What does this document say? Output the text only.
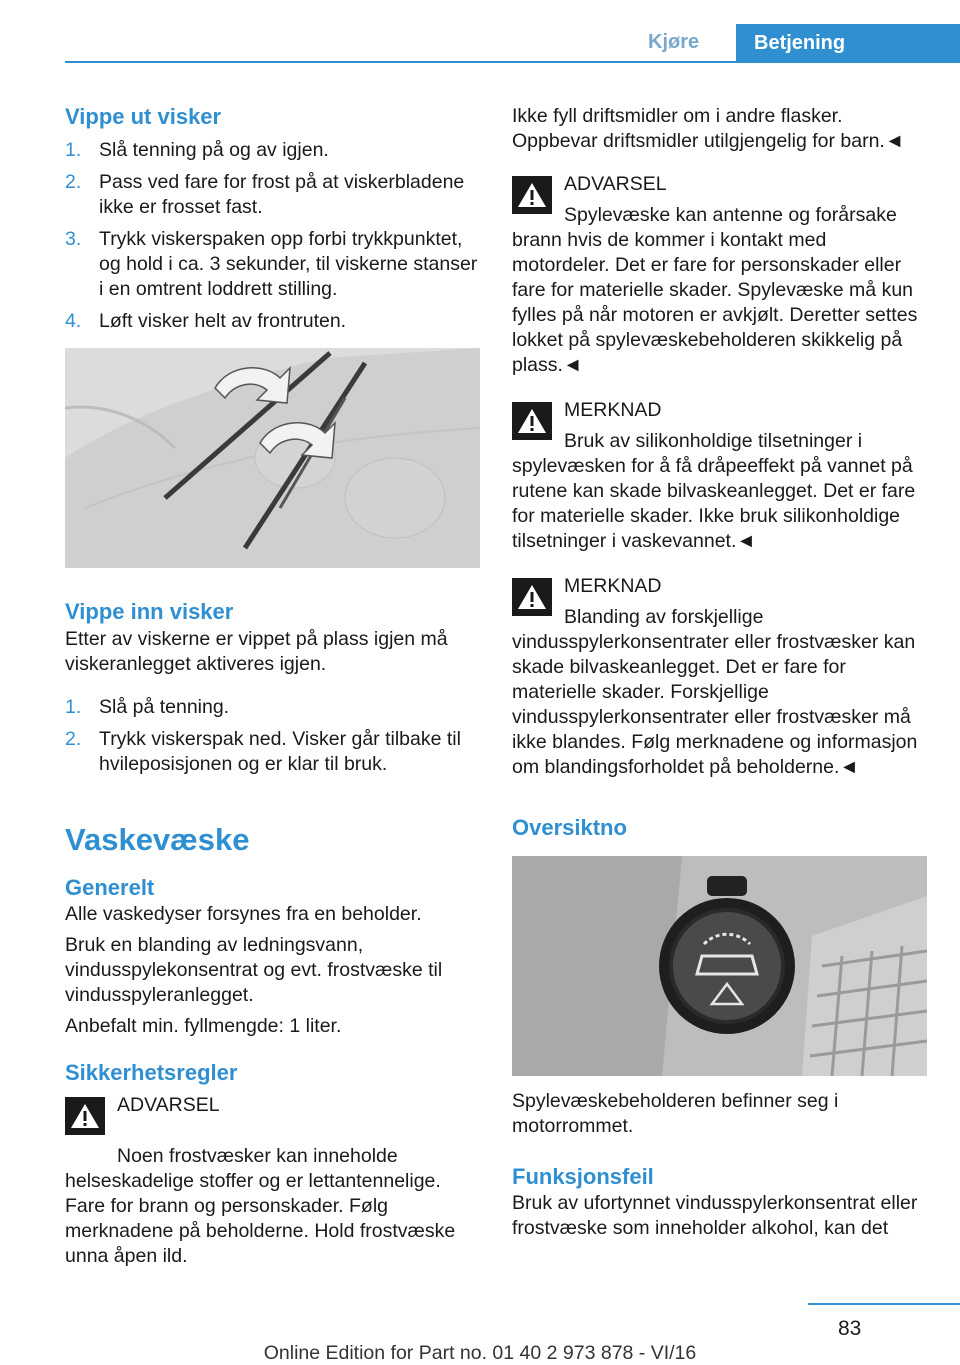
Kjøre	Betjening
Vippe ut visker
1. Slå tenning på og av igjen.
2. Pass ved fare for frost på at viskerbladene ikke er frosset fast.
3. Trykk viskerspaken opp forbi trykkpunktet, og hold i ca. 3 sekunder, til viskerne stanser i en omtrent loddrett stilling.
4. Løft visker helt av frontruten.
Vippe inn visker

Etter av viskerne er vippet på plass igjen må viskeranlegget aktiveres igjen.

1. Slå på tenning.
2. Trykk viskerspak ned. Visker går tilbake til hvileposisjonen og er klar til bruk.
Vaskevæske
Generelt

Alle vaskedyser forsynes fra en beholder.

Bruk en blanding av ledningsvann, vindusspylekonsentrat og evt. frostvæske til vindusspyleranlegget.

Anbefalt min. fyllmengde: 1 liter.

Sikkerhetsregler
ADVARSEL

Noen frostvæsker kan inneholde helseskadelige stoffer og er lettantennelige. Fare for brann og personskader. Følg merknadene på beholderne. Hold frostvæske unna åpen ild.

Ikke fyll driftsmidler om i andre flasker. Oppbevar driftsmidler utilgjengelig for barn.◄

ADVARSEL

Spylevæske kan antenne og forårsake brann hvis de kommer i kontakt med motordeler. Det er fare for personskader eller fare for materielle skader. Spylevæske må kun fylles på når motoren er avkjølt. Deretter settes lokket på spylevæskebeholderen skikkelig på plass.◄

MERKNAD

Bruk av silikonholdige tilsetninger i spylevæsken for å få dråpeeffekt på vannet på rutene kan skade bilvaskeanlegget. Det er fare for materielle skader. Ikke bruk silikonholdige tilsetninger i vaskevannet.◄

MERKNAD

Blanding av forskjellige vindusspylerkonsentrater eller frostvæsker kan skade bilvaskeanlegget. Det er fare for materielle skader. Forskjellige vindusspylerkonsentrater eller frostvæsker må ikke blandes. Følg merknadene og informasjon om blandingsforholdet på beholderne.◄

Oversiktno

Spylevæskebeholderen befinner seg i motorrommet.

Funksjonsfeil

Bruk av ufortynnet vindusspylerkonsentrat eller frostvæske som inneholder alkohol, kan det

83
Online Edition for Part no. 01 40 2 973 878 - VI/16
